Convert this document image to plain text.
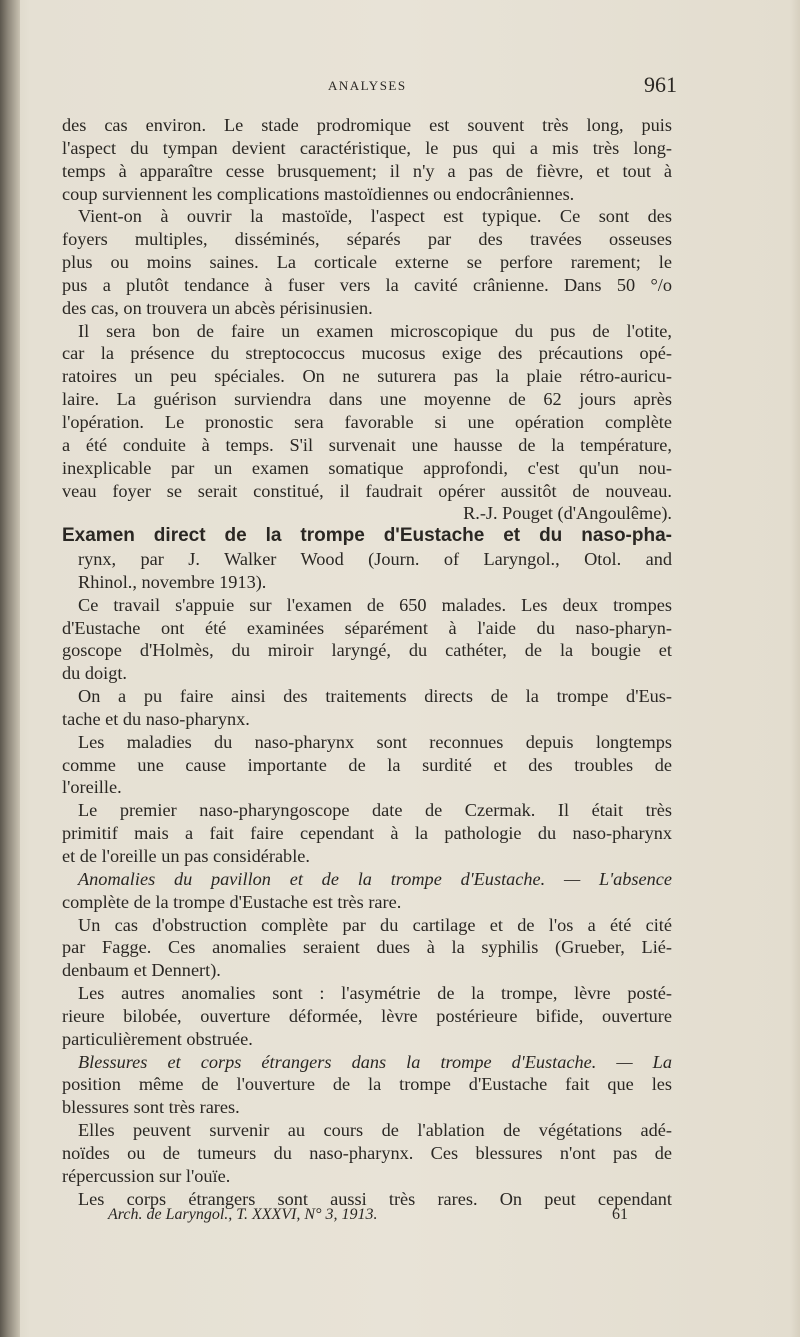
ANALYSES	961
des cas environ. Le stade prodromique est souvent très long, puis
l'aspect du tympan devient caractéristique, le pus qui a mis très long-
temps à apparaître cesse brusquement; il n'y a pas de fièvre, et tout à
coup surviennent les complications mastoïdiennes ou endocrâniennes.
Vient-on à ouvrir la mastoïde, l'aspect est typique. Ce sont des
foyers multiples, disséminés, séparés par des travées osseuses
plus ou moins saines. La corticale externe se perfore rarement; le
pus a plutôt tendance à fuser vers la cavité crânienne. Dans 50 °/o
des cas, on trouvera un abcès périsinusien.
Il sera bon de faire un examen microscopique du pus de l'otite,
car la présence du streptococcus mucosus exige des précautions opé-
ratoires un peu spéciales. On ne suturera pas la plaie rétro-auricu-
laire. La guérison surviendra dans une moyenne de 62 jours après
l'opération. Le pronostic sera favorable si une opération complète
a été conduite à temps. S'il survenait une hausse de la température,
inexplicable par un examen somatique approfondi, c'est qu'un nou-
veau foyer se serait constitué, il faudrait opérer aussitôt de nouveau.
R.-J. Pouget (d'Angoulême).
Examen direct de la trompe d'Eustache et du naso-pha-
rynx, par J. Walker Wood (Journ. of Laryngol., Otol. and
Rhinol., novembre 1913).
Ce travail s'appuie sur l'examen de 650 malades. Les deux trompes
d'Eustache ont été examinées séparément à l'aide du naso-pharyn-
goscope d'Holmès, du miroir laryngé, du cathéter, de la bougie et
du doigt.
On a pu faire ainsi des traitements directs de la trompe d'Eus-
tache et du naso-pharynx.
Les maladies du naso-pharynx sont reconnues depuis longtemps
comme une cause importante de la surdité et des troubles de
l'oreille.
Le premier naso-pharyngoscope date de Czermak. Il était très
primitif mais a fait faire cependant à la pathologie du naso-pharynx
et de l'oreille un pas considérable.
Anomalies du pavillon et de la trompe d'Eustache. — L'absence
complète de la trompe d'Eustache est très rare.
Un cas d'obstruction complète par du cartilage et de l'os a été cité
par Fagge. Ces anomalies seraient dues à la syphilis (Grueber, Lié-
denbaum et Dennert).
Les autres anomalies sont : l'asymétrie de la trompe, lèvre posté-
rieure bilobée, ouverture déformée, lèvre postérieure bifide, ouverture
particulièrement obstruée.
Blessures et corps étrangers dans la trompe d'Eustache. — La
position même de l'ouverture de la trompe d'Eustache fait que les
blessures sont très rares.
Elles peuvent survenir au cours de l'ablation de végétations adé-
noïdes ou de tumeurs du naso-pharynx. Ces blessures n'ont pas de
répercussion sur l'ouïe.
Les corps étrangers sont aussi très rares. On peut cependant
Arch. de Laryngol., T. XXXVI, N° 3, 1913.	61
